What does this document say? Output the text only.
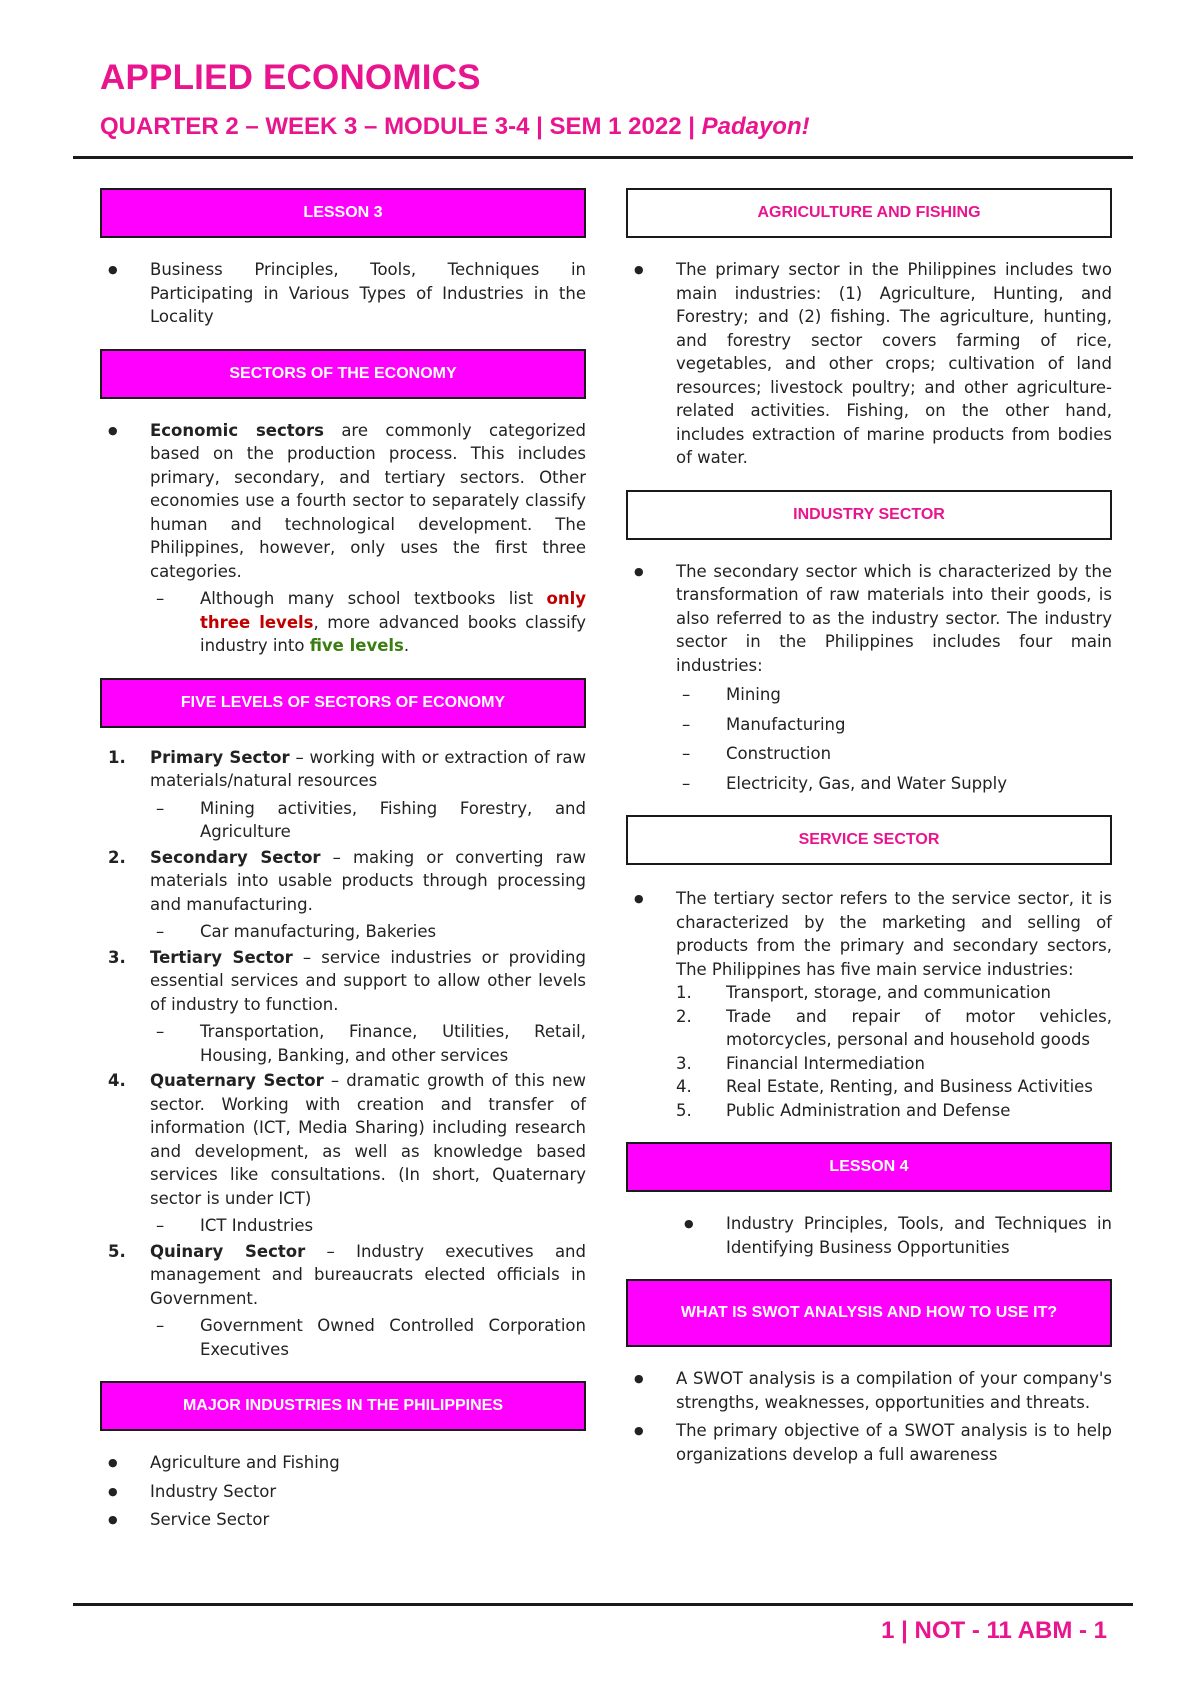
APPLIED ECONOMICS
QUARTER 2 – WEEK 3 – MODULE 3-4 | SEM 1 2022 | Padayon!
LESSON 3
● Business Principles, Tools, Techniques in Participating in Various Types of Industries in the Locality
SECTORS OF THE ECONOMY
● Economic sectors are commonly categorized based on the production process. This includes primary, secondary, and tertiary sectors. Other economies use a fourth sector to separately classify human and technological development. The Philippines, however, only uses the first three categories.
– Although many school textbooks list only three levels, more advanced books classify industry into five levels.
FIVE LEVELS OF SECTORS OF ECONOMY
1. Primary Sector – working with or extraction of raw materials/natural resources
– Mining activities, Fishing Forestry, and Agriculture
2. Secondary Sector – making or converting raw materials into usable products through processing and manufacturing.
– Car manufacturing, Bakeries
3. Tertiary Sector – service industries or providing essential services and support to allow other levels of industry to function.
– Transportation, Finance, Utilities, Retail, Housing, Banking, and other services
4. Quaternary Sector – dramatic growth of this new sector. Working with creation and transfer of information (ICT, Media Sharing) including research and development, as well as knowledge based services like consultations. (In short, Quaternary sector is under ICT)
– ICT Industries
5. Quinary Sector – Industry executives and management and bureaucrats elected officials in Government.
– Government Owned Controlled Corporation Executives
MAJOR INDUSTRIES IN THE PHILIPPINES
● Agriculture and Fishing
● Industry Sector
● Service Sector
AGRICULTURE AND FISHING
● The primary sector in the Philippines includes two main industries: (1) Agriculture, Hunting, and Forestry; and (2) fishing. The agriculture, hunting, and forestry sector covers farming of rice, vegetables, and other crops; cultivation of land resources; livestock poultry; and other agriculture-related activities. Fishing, on the other hand, includes extraction of marine products from bodies of water.
INDUSTRY SECTOR
● The secondary sector which is characterized by the transformation of raw materials into their goods, is also referred to as the industry sector. The industry sector in the Philippines includes four main industries:
– Mining
– Manufacturing
– Construction
– Electricity, Gas, and Water Supply
SERVICE SECTOR
● The tertiary sector refers to the service sector, it is characterized by the marketing and selling of products from the primary and secondary sectors, The Philippines has five main service industries:
1. Transport, storage, and communication
2. Trade and repair of motor vehicles, motorcycles, personal and household goods
3. Financial Intermediation
4. Real Estate, Renting, and Business Activities
5. Public Administration and Defense
LESSON 4
● Industry Principles, Tools, and Techniques in Identifying Business Opportunities
WHAT IS SWOT ANALYSIS AND HOW TO USE IT?
● A SWOT analysis is a compilation of your company's strengths, weaknesses, opportunities and threats.
● The primary objective of a SWOT analysis is to help organizations develop a full awareness
1 | NOT - 11 ABM - 1
